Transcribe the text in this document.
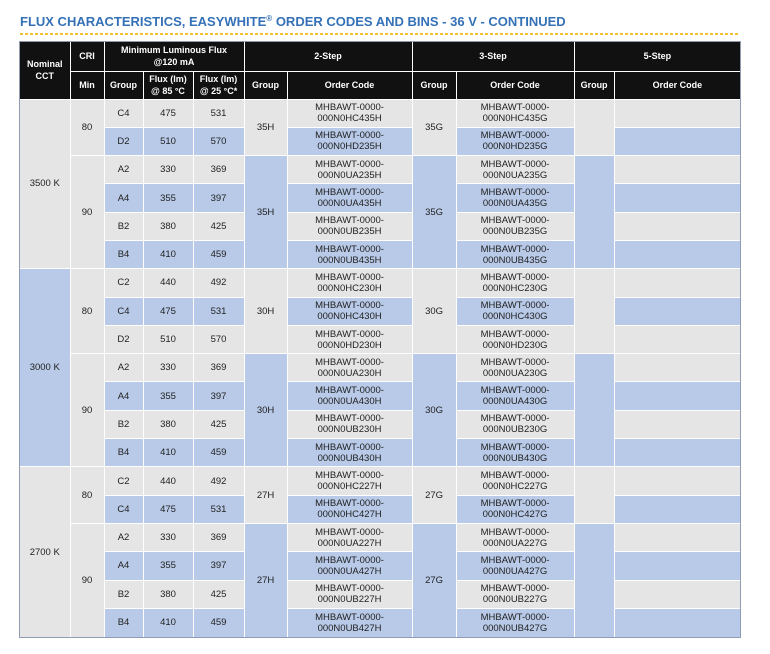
FLUX CHARACTERISTICS, EASYWHITE® ORDER CODES AND BINS - 36 V - CONTINUED
Nominal
CCT	CRI	Minimum Luminous Flux
@120 mA			2-Step		3-Step		5-Step	
	Min	Group	Flux (lm)
@ 85 °C	Flux (lm)
@ 25 °C*	Group	Order Code	Group	Order Code	Group	Order Code
3500 K	80	C4	475	531	35H	MHBAWT-0000-
000N0HC435H	35G	MHBAWT-0000-
000N0HC435G		
		D2	510	570		MHBAWT-0000-
000N0HD235H		MHBAWT-0000-
000N0HD235G		
	90	A2	330	369	35H	MHBAWT-0000-
000N0UA235H	35G	MHBAWT-0000-
000N0UA235G		
		A4	355	397		MHBAWT-0000-
000N0UA435H		MHBAWT-0000-
000N0UA435G		
		B2	380	425		MHBAWT-0000-
000N0UB235H		MHBAWT-0000-
000N0UB235G		
		B4	410	459		MHBAWT-0000-
000N0UB435H		MHBAWT-0000-
000N0UB435G		
3000 K	80	C2	440	492	30H	MHBAWT-0000-
000N0HC230H	30G	MHBAWT-0000-
000N0HC230G		
		C4	475	531		MHBAWT-0000-
000N0HC430H		MHBAWT-0000-
000N0HC430G		
		D2	510	570		MHBAWT-0000-
000N0HD230H		MHBAWT-0000-
000N0HD230G		
	90	A2	330	369	30H	MHBAWT-0000-
000N0UA230H	30G	MHBAWT-0000-
000N0UA230G		
		A4	355	397		MHBAWT-0000-
000N0UA430H		MHBAWT-0000-
000N0UA430G		
		B2	380	425		MHBAWT-0000-
000N0UB230H		MHBAWT-0000-
000N0UB230G		
		B4	410	459		MHBAWT-0000-
000N0UB430H		MHBAWT-0000-
000N0UB430G		
2700 K	80	C2	440	492	27H	MHBAWT-0000-
000N0HC227H	27G	MHBAWT-0000-
000N0HC227G		
		C4	475	531		MHBAWT-0000-
000N0HC427H		MHBAWT-0000-
000N0HC427G		
	90	A2	330	369	27H	MHBAWT-0000-
000N0UA227H	27G	MHBAWT-0000-
000N0UA227G		
		A4	355	397		MHBAWT-0000-
000N0UA427H		MHBAWT-0000-
000N0UA427G		
		B2	380	425		MHBAWT-0000-
000N0UB227H		MHBAWT-0000-
000N0UB227G		
		B4	410	459		MHBAWT-0000-
000N0UB427H		MHBAWT-0000-
000N0UB427G		
